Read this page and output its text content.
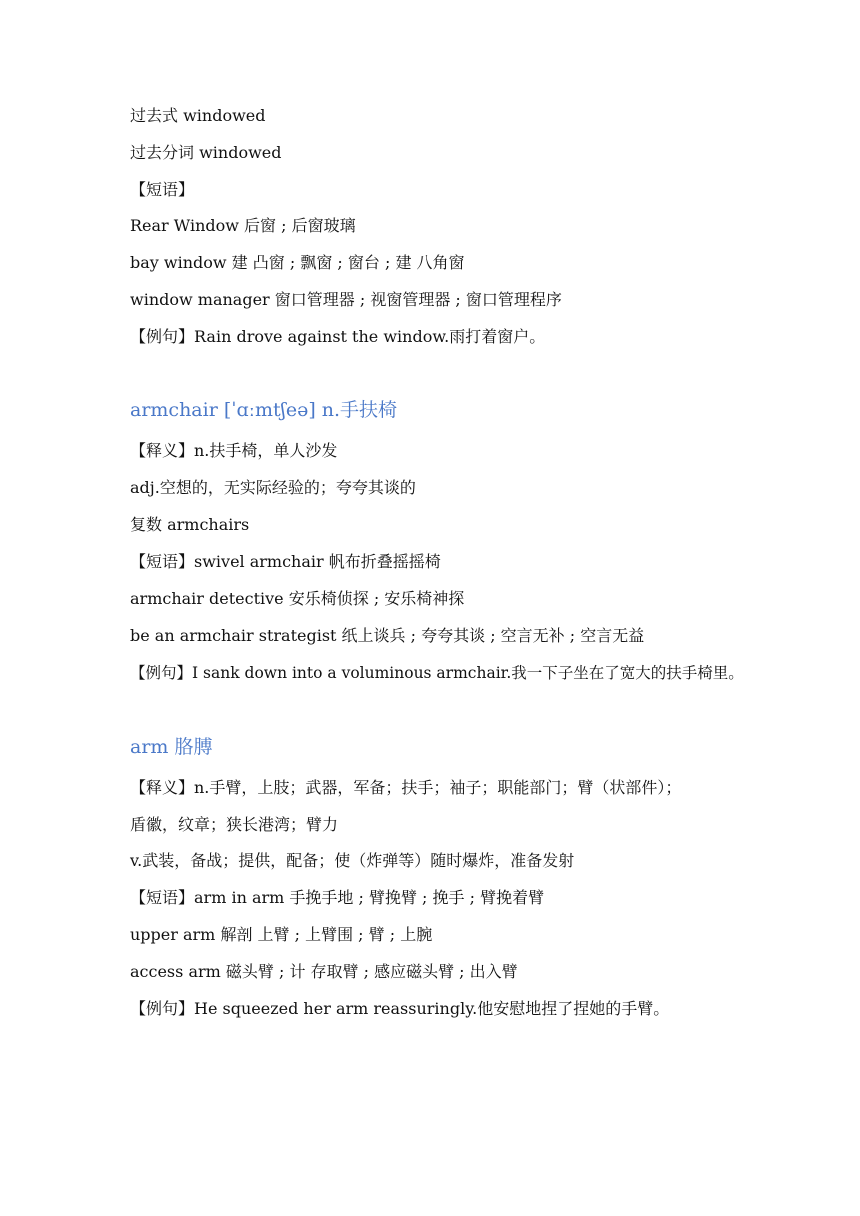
过去式 windowed
过去分词 windowed
【短语】
Rear Window 后窗 ; 后窗玻璃
bay window 建 凸窗 ; 飘窗 ; 窗台 ; 建 八角窗
window manager 窗口管理器 ; 视窗管理器 ; 窗口管理程序
【例句】Rain drove against the window.雨打着窗户。
armchair [ˈɑːmtʃeə] n.手扶椅
【释义】n.扶手椅，单人沙发
adj.空想的，无实际经验的；夸夸其谈的
复数 armchairs
【短语】swivel armchair 帆布折叠摇摇椅
armchair detective 安乐椅侦探 ; 安乐椅神探
be an armchair strategist 纸上谈兵 ; 夸夸其谈 ; 空言无补 ; 空言无益
【例句】I sank down into a voluminous armchair.我一下子坐在了宽大的扶手椅里。
arm 胳膊
【释义】n.手臂，上肢；武器，军备；扶手；袖子；职能部门；臂（状部件）；
盾徽，纹章；狭长港湾；臂力
v.武装，备战；提供，配备；使（炸弹等）随时爆炸，准备发射
【短语】arm in arm 手挽手地 ; 臂挽臂 ; 挽手 ; 臂挽着臂
upper arm 解剖 上臂 ; 上臂围 ; 臂 ; 上腕
access arm 磁头臂 ; 计 存取臂 ; 感应磁头臂 ; 出入臂
【例句】He squeezed her arm reassuringly.他安慰地捏了捏她的手臂。
